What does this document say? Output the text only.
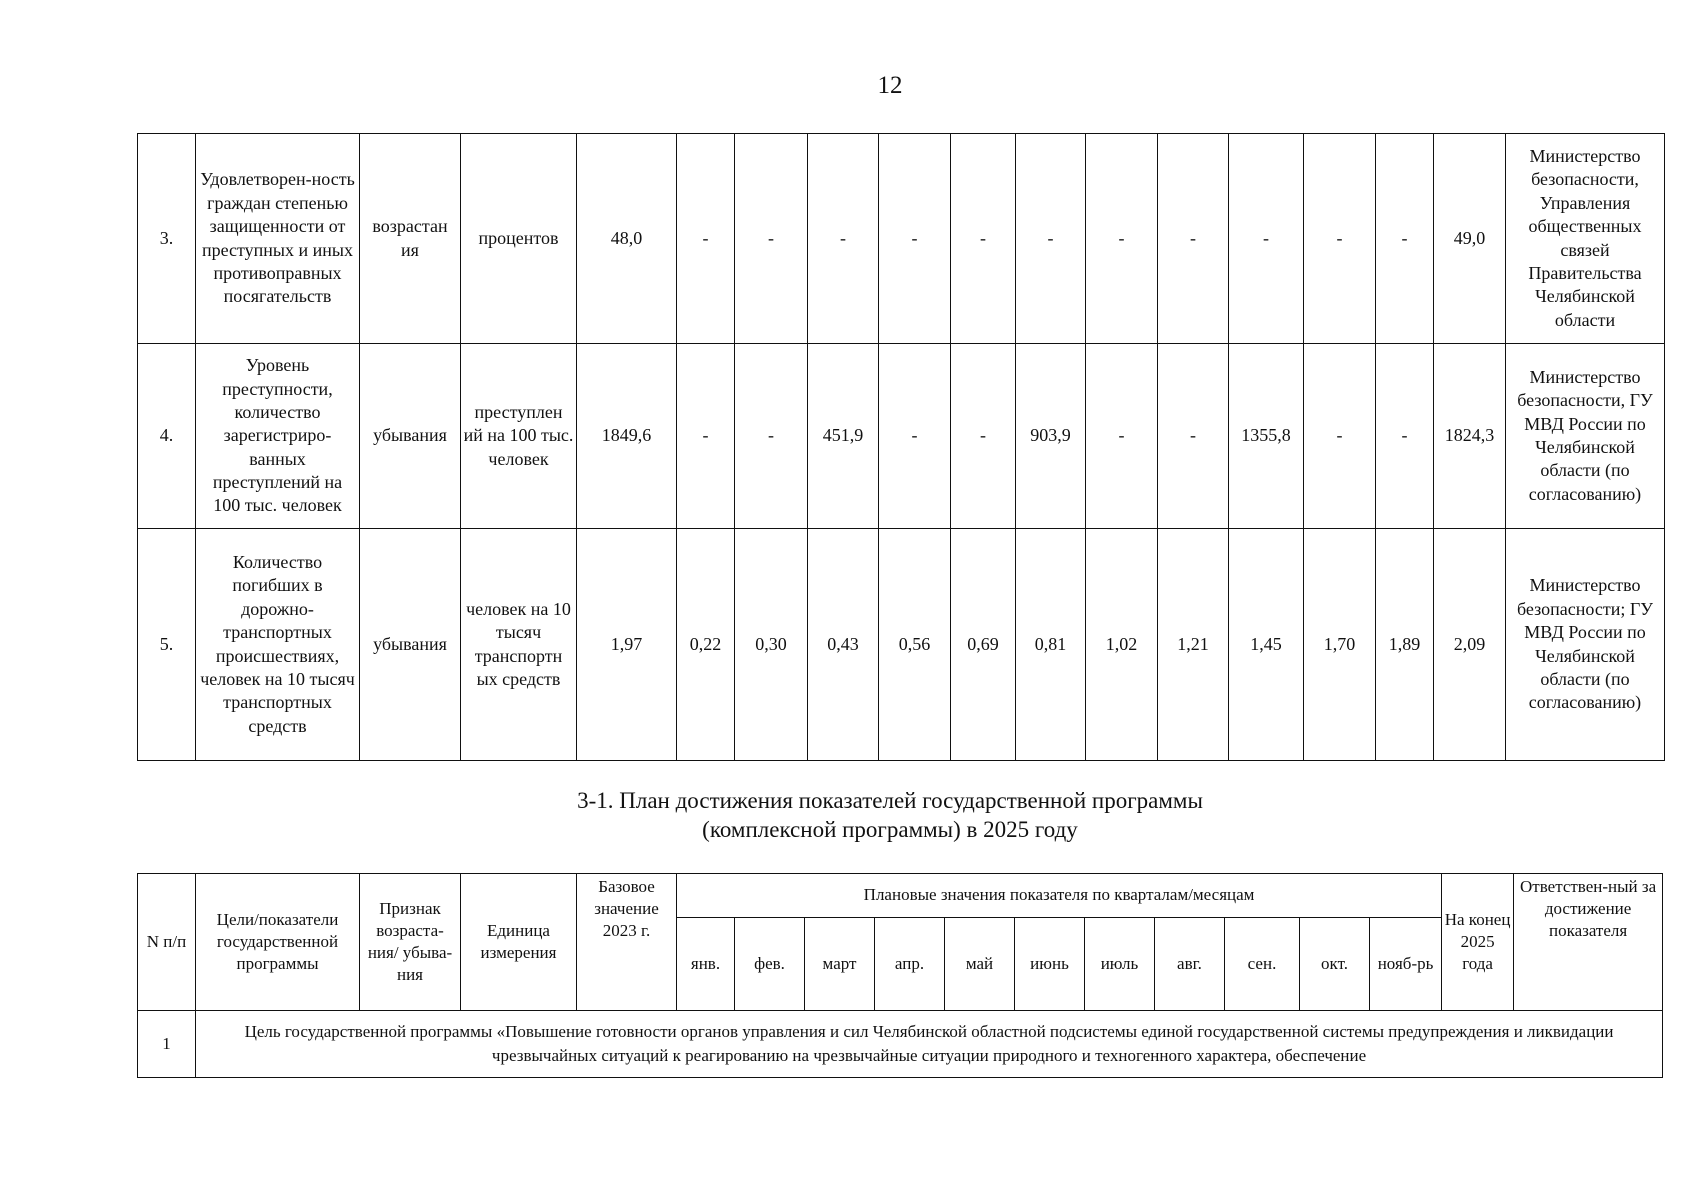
12
3.	Удовлетворен-ность граждан степенью защищенности от преступных и иных противоправных посягательств	возрастан ия	процентов	48,0	-	-	-	-	-	-	-	-	-	-	-	49,0	Министерство безопасности, Управления общественных связей Правительства Челябинской области
4.	Уровень преступности, количество зарегистриро-ванных преступлений на 100 тыс. человек	убывания	преступлен ий на 100 тыс. человек	1849,6	-	-	451,9	-	-	903,9	-	-	1355,8	-	-	1824,3	Министерство безопасности, ГУ МВД России по Челябинской области (по согласованию)
5.	Количество погибших в дорожно-транспортных происшествиях, человек на 10 тысяч транспортных средств	убывания	человек на 10 тысяч транспортн ых средств	1,97	0,22	0,30	0,43	0,56	0,69	0,81	1,02	1,21	1,45	1,70	1,89	2,09	Министерство безопасности; ГУ МВД России по Челябинской области (по согласованию)
3-1. План достижения показателей государственной программы
(комплексной программы) в 2025 году
N п/п	Цели/показатели государственной программы	Признак возраста-ния/ убыва-ния	Единица измерения	Базовое значение 2023 г.	Плановые значения показателя по кварталам/месяцам											На конец 2025 года	Ответствен-ный за достижение показателя
					янв.	фев.	март	апр.	май	июнь	июль	авг.	сен.	окт.	нояб-рь		
1	Цель государственной программы «Повышение готовности органов управления и сил Челябинской областной подсистемы единой государственной системы предупреждения и ликвидации чрезвычайных ситуаций к реагированию на чрезвычайные ситуации природного и техногенного характера, обеспечение																
